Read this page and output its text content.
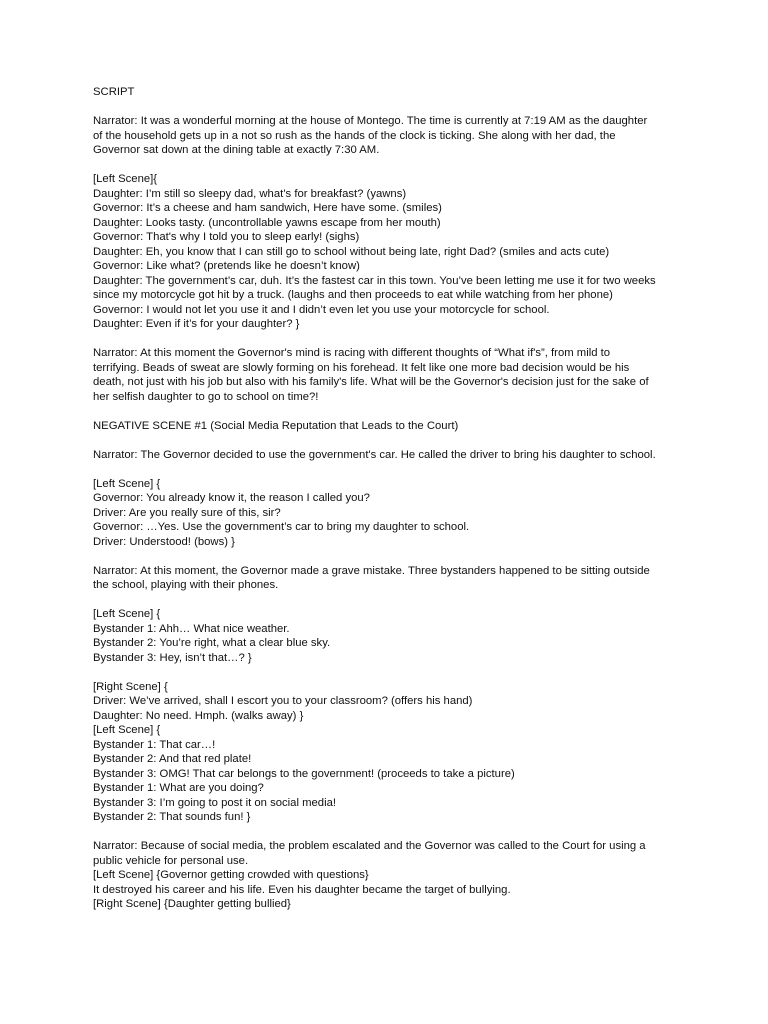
SCRIPT
Narrator: It was a wonderful morning at the house of Montego. The time is currently at 7:19 AM as the daughter
of the household gets up in a not so rush as the hands of the clock is ticking. She along with her dad, the
Governor sat down at the dining table at exactly 7:30 AM.
[Left Scene]{
Daughter: I’m still so sleepy dad, what’s for breakfast? (yawns)
Governor: It’s a cheese and ham sandwich, Here have some. (smiles)
Daughter: Looks tasty. (uncontrollable yawns escape from her mouth)
Governor: That's why I told you to sleep early! (sighs)
Daughter: Eh, you know that I can still go to school without being late, right Dad? (smiles and acts cute)
Governor: Like what? (pretends like he doesn’t know)
Daughter: The government’s car, duh. It’s the fastest car in this town. You’ve been letting me use it for two weeks
since my motorcycle got hit by a truck. (laughs and then proceeds to eat while watching from her phone)
Governor: I would not let you use it and I didn’t even let you use your motorcycle for school.
Daughter: Even if it’s for your daughter? }
Narrator: At this moment the Governor's mind is racing with different thoughts of “What if's”, from mild to
terrifying. Beads of sweat are slowly forming on his forehead. It felt like one more bad decision would be his
death, not just with his job but also with his family's life. What will be the Governor's decision just for the sake of
her selfish daughter to go to school on time?!
NEGATIVE SCENE #1 (Social Media Reputation that Leads to the Court)
Narrator: The Governor decided to use the government's car. He called the driver to bring his daughter to school.
[Left Scene] {
Governor: You already know it, the reason I called you?
Driver: Are you really sure of this, sir?
Governor: …Yes. Use the government’s car to bring my daughter to school.
Driver: Understood! (bows) }
Narrator: At this moment, the Governor made a grave mistake. Three bystanders happened to be sitting outside
the school, playing with their phones.
[Left Scene] {
Bystander 1: Ahh… What nice weather.
Bystander 2: You’re right, what a clear blue sky.
Bystander 3: Hey, isn’t that…? }
[Right Scene] {
Driver: We’ve arrived, shall I escort you to your classroom? (offers his hand)
Daughter: No need. Hmph. (walks away) }
[Left Scene] {
Bystander 1: That car…!
Bystander 2: And that red plate!
Bystander 3: OMG! That car belongs to the government! (proceeds to take a picture)
Bystander 1: What are you doing?
Bystander 3: I’m going to post it on social media!
Bystander 2: That sounds fun! }
Narrator: Because of social media, the problem escalated and the Governor was called to the Court for using a
public vehicle for personal use.
[Left Scene] {Governor getting crowded with questions}
It destroyed his career and his life. Even his daughter became the target of bullying.
[Right Scene] {Daughter getting bullied}
